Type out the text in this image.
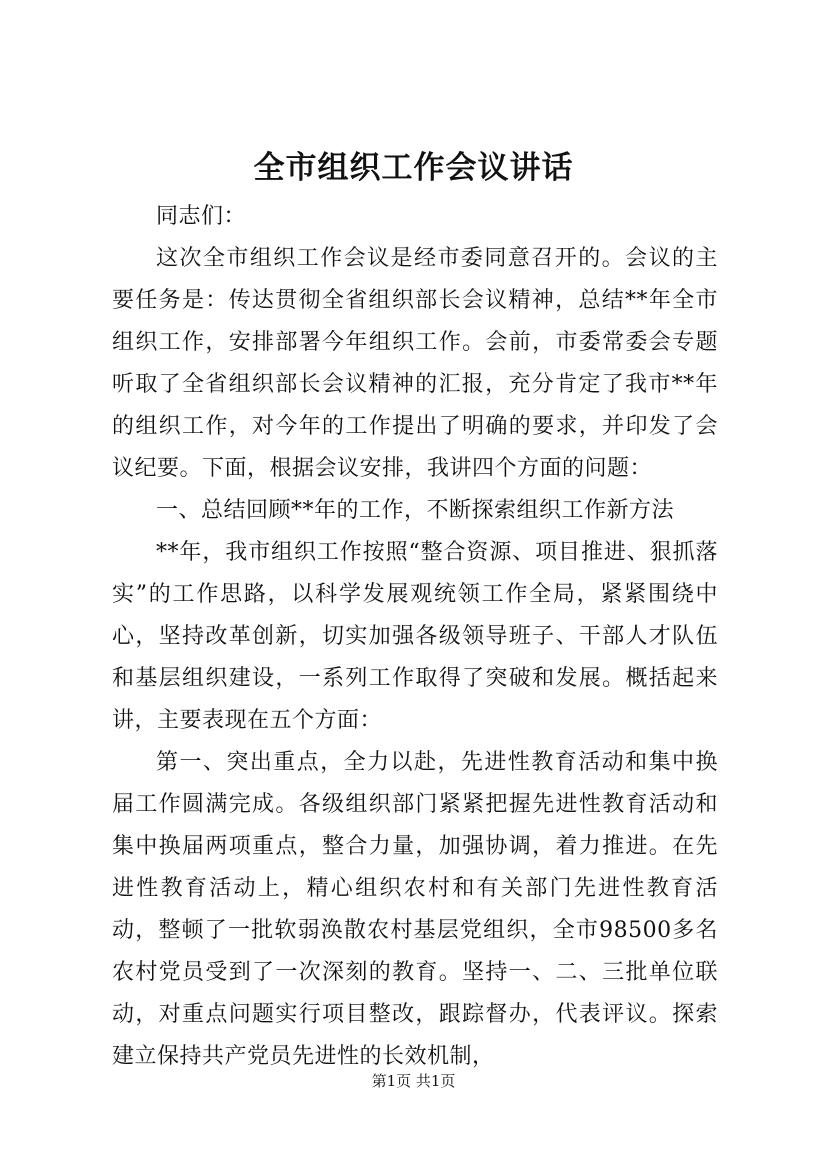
全市组织工作会议讲话

同志们：

这次全市组织工作会议是经市委同意召开的。会议的主要任务是：传达贯彻全省组织部长会议精神，总结**年全市组织工作，安排部署今年组织工作。会前，市委常委会专题听取了全省组织部长会议精神的汇报，充分肯定了我市**年的组织工作，对今年的工作提出了明确的要求，并印发了会议纪要。下面，根据会议安排，我讲四个方面的问题：

一、总结回顾**年的工作，不断探索组织工作新方法

**年，我市组织工作按照“整合资源、项目推进、狠抓落实”的工作思路，以科学发展观统领工作全局，紧紧围绕中心，坚持改革创新，切实加强各级领导班子、干部人才队伍和基层组织建设，一系列工作取得了突破和发展。概括起来讲，主要表现在五个方面：

第一、突出重点，全力以赴，先进性教育活动和集中换届工作圆满完成。各级组织部门紧紧把握先进性教育活动和集中换届两项重点，整合力量，加强协调，着力推进。在先进性教育活动上，精心组织农村和有关部门先进性教育活动，整顿了一批软弱涣散农村基层党组织，全市98500多名农村党员受到了一次深刻的教育。坚持一、二、三批单位联动，对重点问题实行项目整改，跟踪督办，代表评议。探索建立保持共产党员先进性的长效机制，

第1页 共1页
